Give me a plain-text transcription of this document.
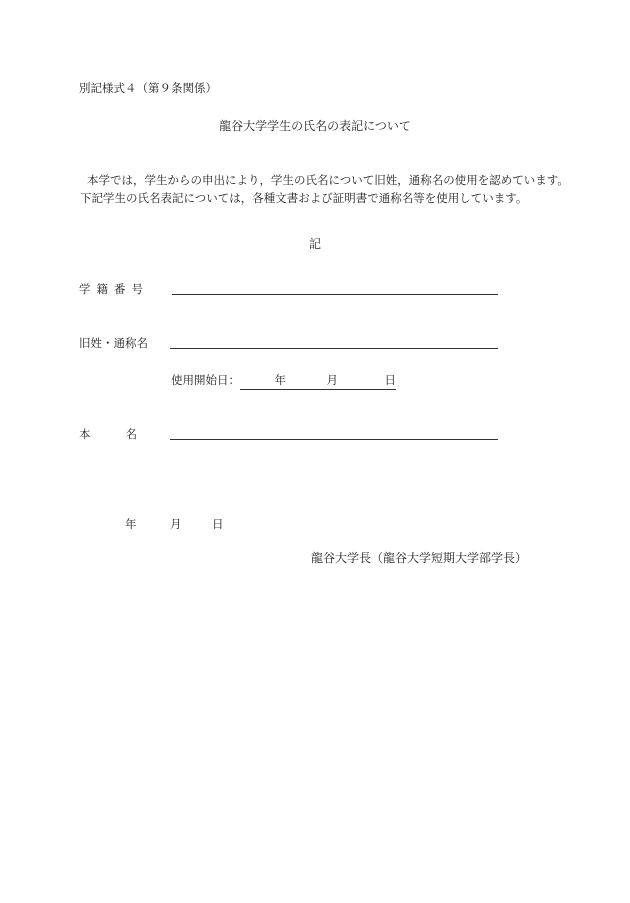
別記様式４（第９条関係）
龍谷大学学生の氏名の表記について
本学では，学生からの申出により，学生の氏名について旧姓，通称名の使用を認めています。
下記学生の氏名表記については，各種文書および証明書で通称名等を使用しています。
記
学籍番号
旧姓・通称名
使用開始日：	年	月	日
本　　名
年	月	日
龍谷大学長（龍谷大学短期大学部学長）
